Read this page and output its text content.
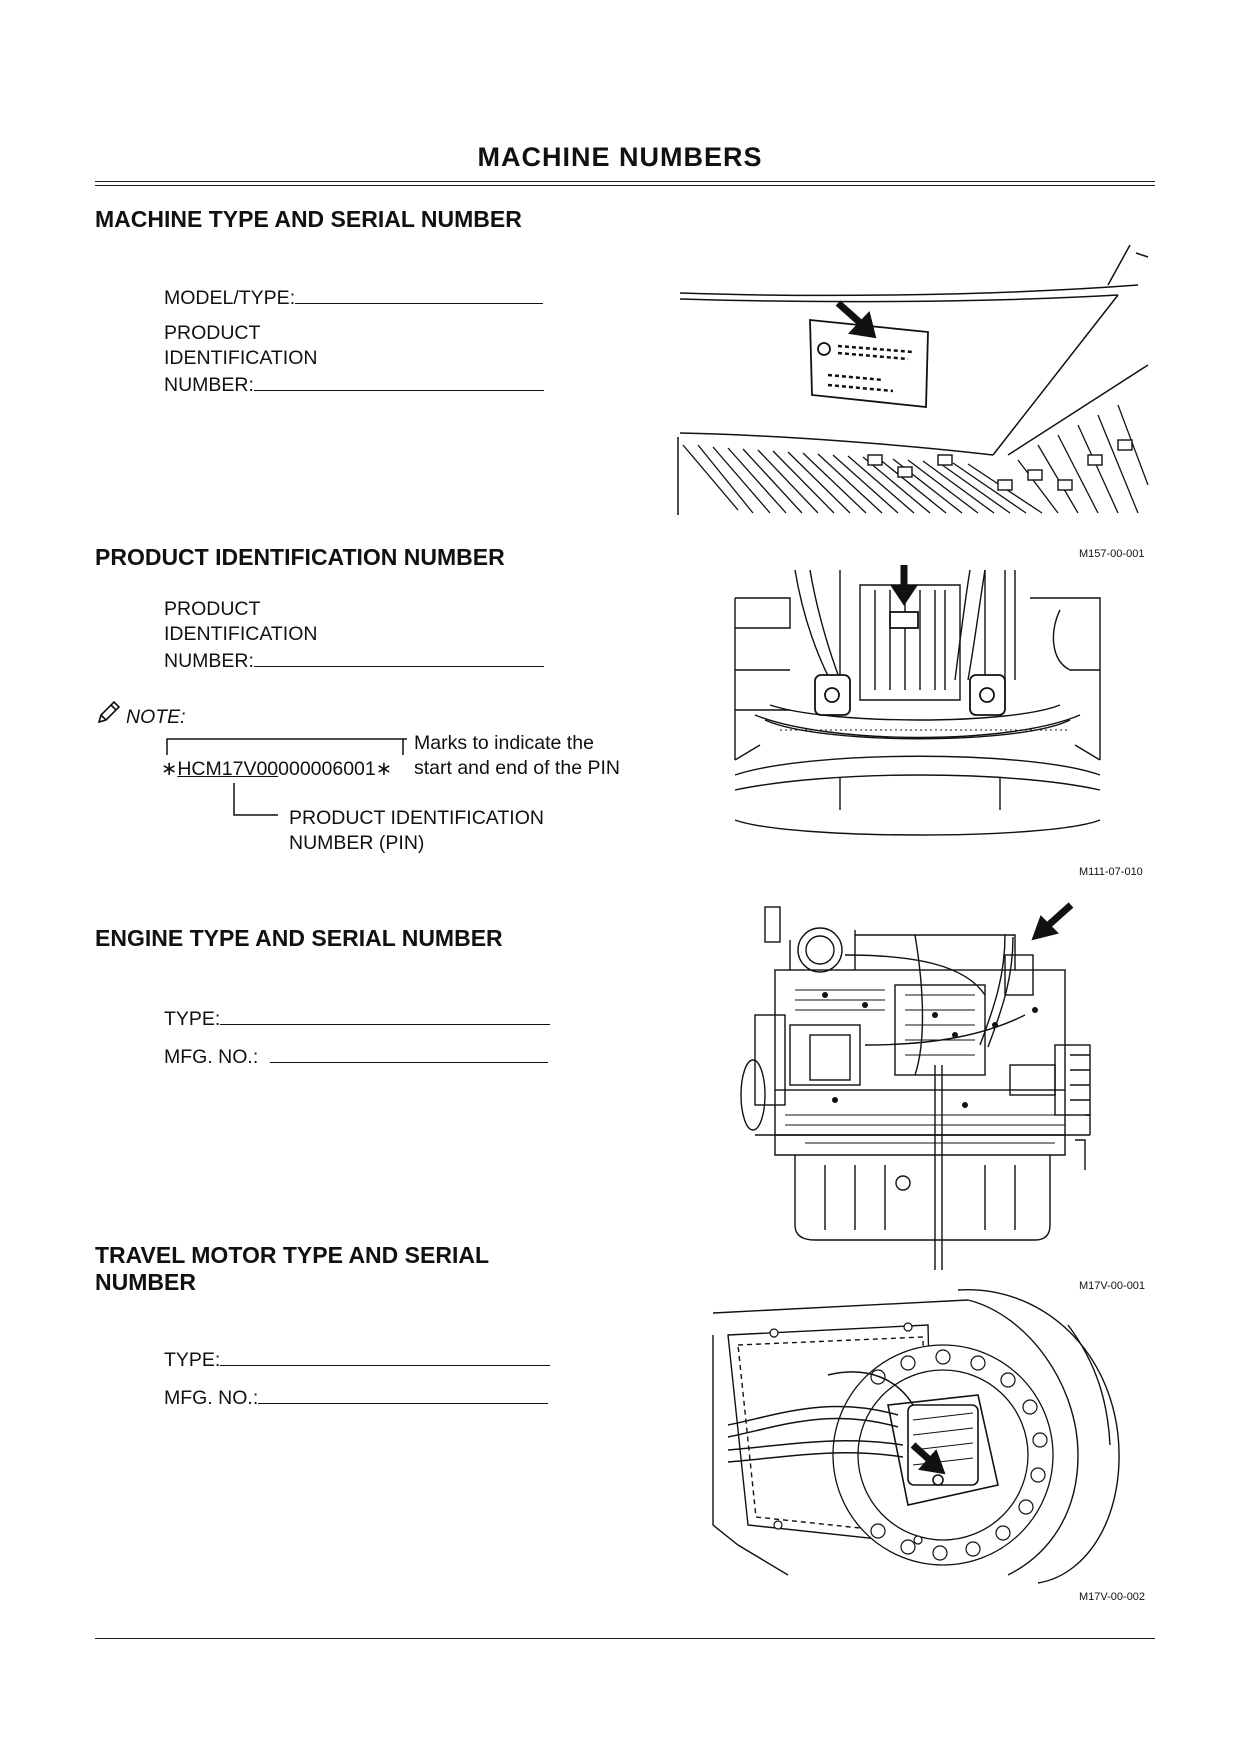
MACHINE NUMBERS
MACHINE TYPE AND SERIAL NUMBER
MODEL/TYPE:
PRODUCT
IDENTIFICATION
NUMBER:
M157-00-001
PRODUCT IDENTIFICATION NUMBER
PRODUCT
IDENTIFICATION
NUMBER:
NOTE:
∗HCM17V00000006001∗
Marks to indicate the
start and end of the PIN
PRODUCT IDENTIFICATION
NUMBER (PIN)
M111-07-010
ENGINE TYPE AND SERIAL NUMBER
TYPE:
MFG. NO.:
M17V-00-001
TRAVEL MOTOR TYPE AND SERIAL
NUMBER
TYPE:
MFG. NO.:
M17V-00-002
